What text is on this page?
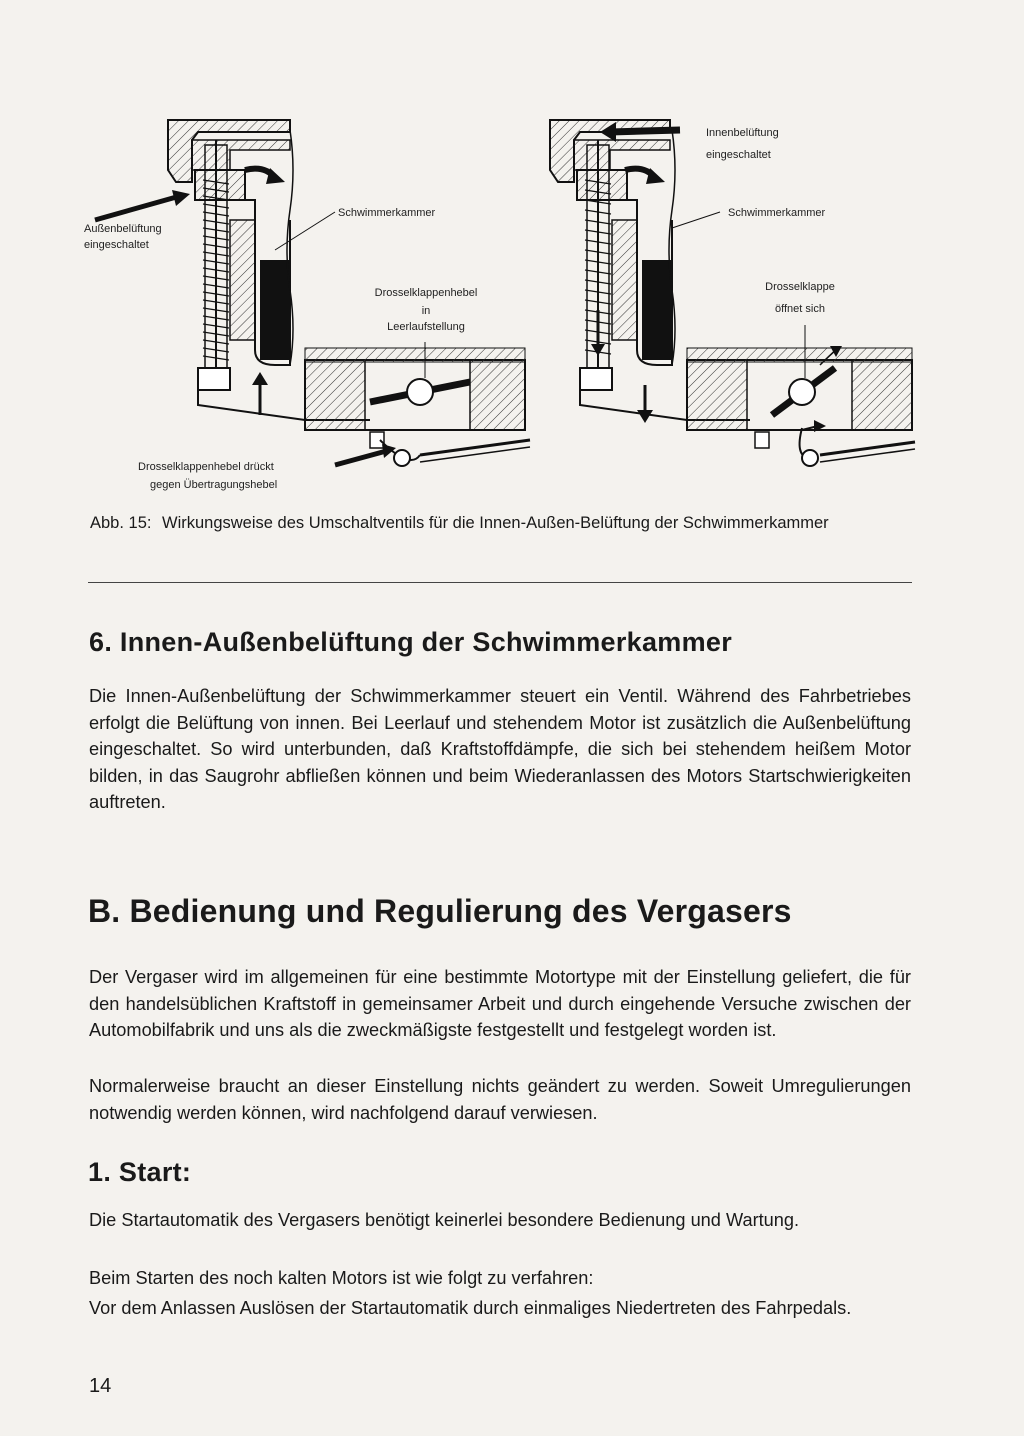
Außenbelüftung
eingeschaltet
Schwimmerkammer
Drosselklappenhebel
in
Leerlaufstellung
Drosselklappenhebel drückt
gegen Übertragungshebel
Innenbelüftung
eingeschaltet
Schwimmerkammer
Drosselklappe
öffnet sich
Abb. 15: Wirkungsweise des Umschaltventils für die Innen-Außen-Belüftung der Schwimmerkammer
6. Innen-Außenbelüftung der Schwimmerkammer

Die Innen-Außenbelüftung der Schwimmerkammer steuert ein Ventil. Während des Fahrbetriebes erfolgt die Belüftung von innen. Bei Leerlauf und stehendem Motor ist zusätzlich die Außenbelüftung eingeschaltet. So wird unterbunden, daß Kraftstoffdämpfe, die sich bei stehendem heißem Motor bilden, in das Saugrohr abfließen können und beim Wiederanlassen des Motors Startschwierigkeiten auftreten.

B. Bedienung und Regulierung des Vergasers

Der Vergaser wird im allgemeinen für eine bestimmte Motortype mit der Einstellung geliefert, die für den handelsüblichen Kraftstoff in gemeinsamer Arbeit und durch eingehende Versuche zwischen der Automobilfabrik und uns als die zweckmäßigste festgestellt und festgelegt worden ist.

Normalerweise braucht an dieser Einstellung nichts geändert zu werden. Soweit Umregulierungen notwendig werden können, wird nachfolgend darauf verwiesen.

1. Start:

Die Startautomatik des Vergasers benötigt keinerlei besondere Bedienung und Wartung.

Beim Starten des noch kalten Motors ist wie folgt zu verfahren:

Vor dem Anlassen Auslösen der Startautomatik durch einmaliges Niedertreten des Fahrpedals.

14
